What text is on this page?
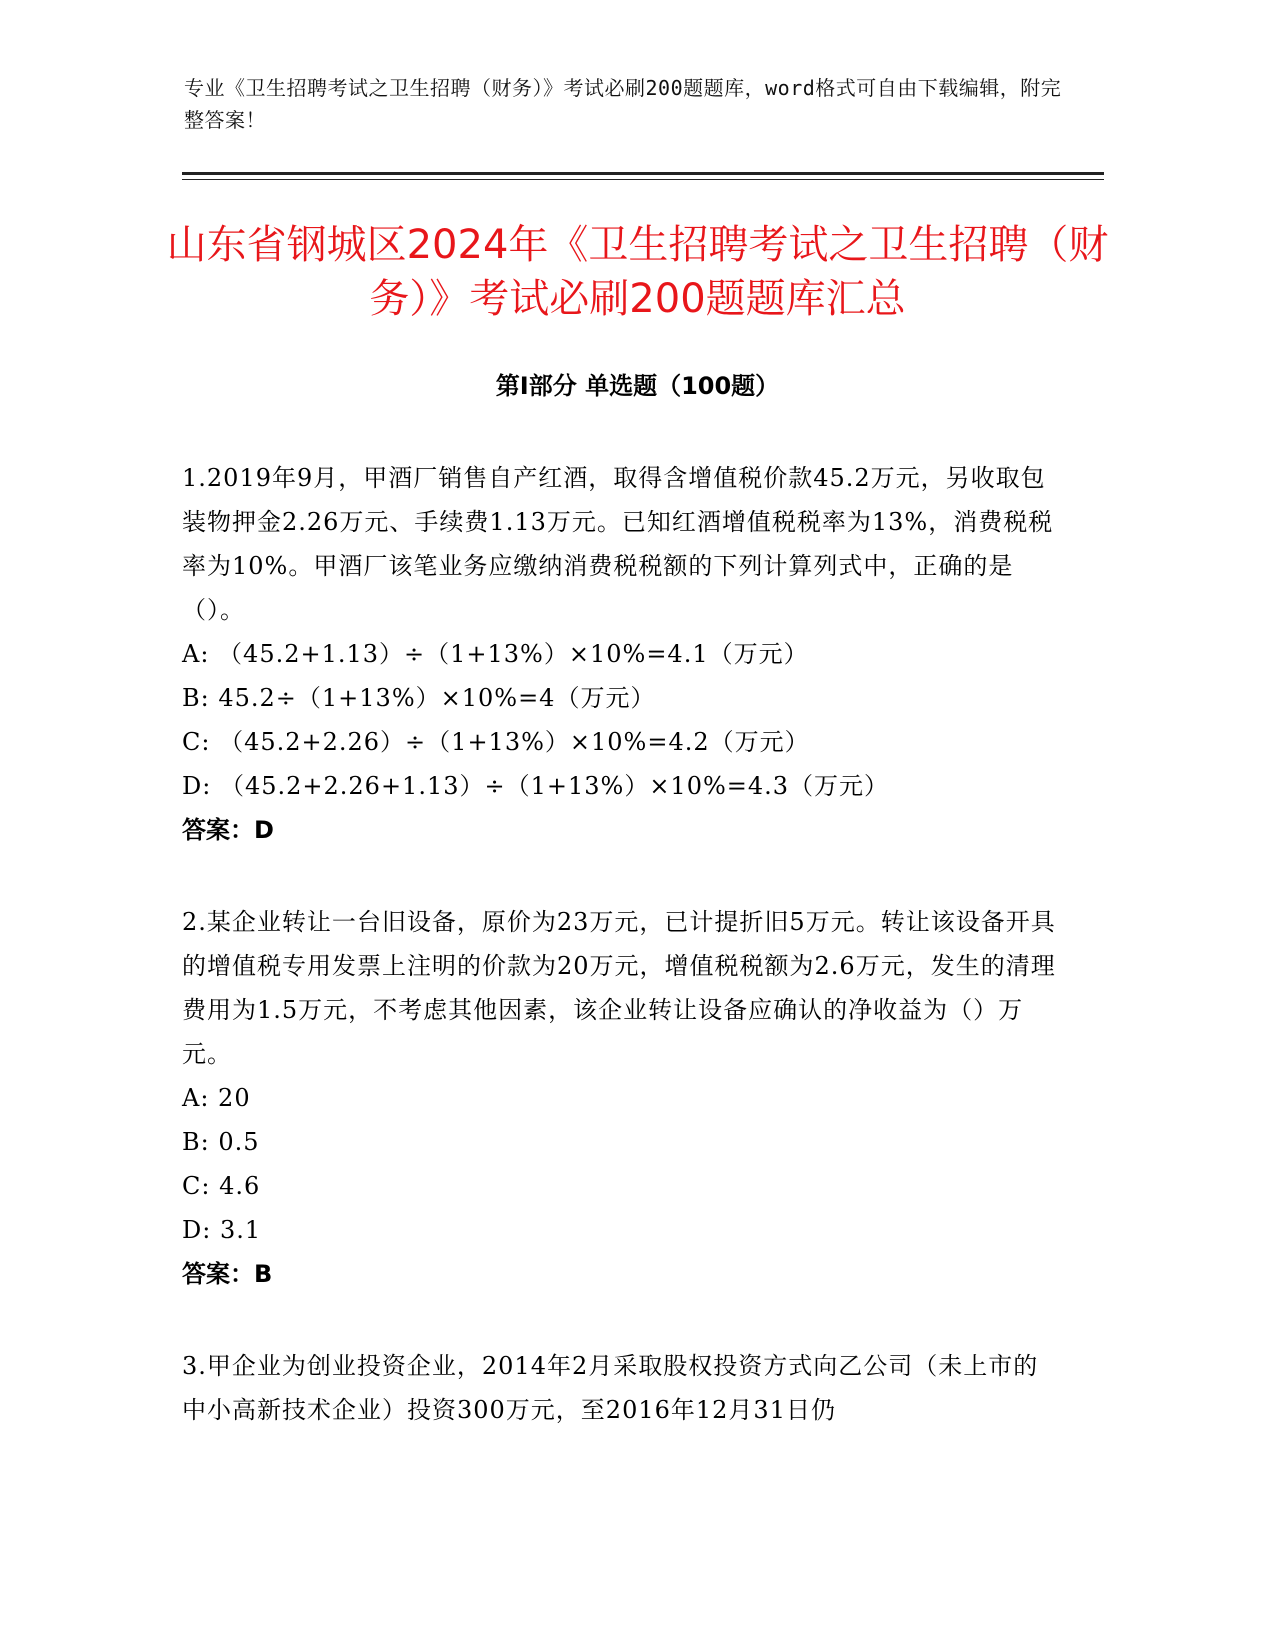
专业《卫生招聘考试之卫生招聘（财务）》考试必刷200题题库，word格式可自由下载编辑，附完整答案！
山东省钢城区2024年《卫生招聘考试之卫生招聘（财务）》考试必刷200题题库汇总
第Ⅰ部分 单选题（100题）
1.2019年9月，甲酒厂销售自产红酒，取得含增值税价款45.2万元，另收取包装物押金2.26万元、手续费1.13万元。已知红酒增值税税率为13%，消费税税率为10%。甲酒厂该笔业务应缴纳消费税税额的下列计算列式中，正确的是（）。
A: （45.2+1.13）÷（1+13%）×10%=4.1（万元）
B: 45.2÷（1+13%）×10%=4（万元）
C: （45.2+2.26）÷（1+13%）×10%=4.2（万元）
D: （45.2+2.26+1.13）÷（1+13%）×10%=4.3（万元）
答案：D
2.某企业转让一台旧设备，原价为23万元，已计提折旧5万元。转让该设备开具的增值税专用发票上注明的价款为20万元，增值税税额为2.6万元，发生的清理费用为1.5万元，不考虑其他因素，该企业转让设备应确认的净收益为（）万元。
A: 20
B: 0.5
C: 4.6
D: 3.1
答案：B
3.甲企业为创业投资企业，2014年2月采取股权投资方式向乙公司（未上市的中小高新技术企业）投资300万元，至2016年12月31日仍
